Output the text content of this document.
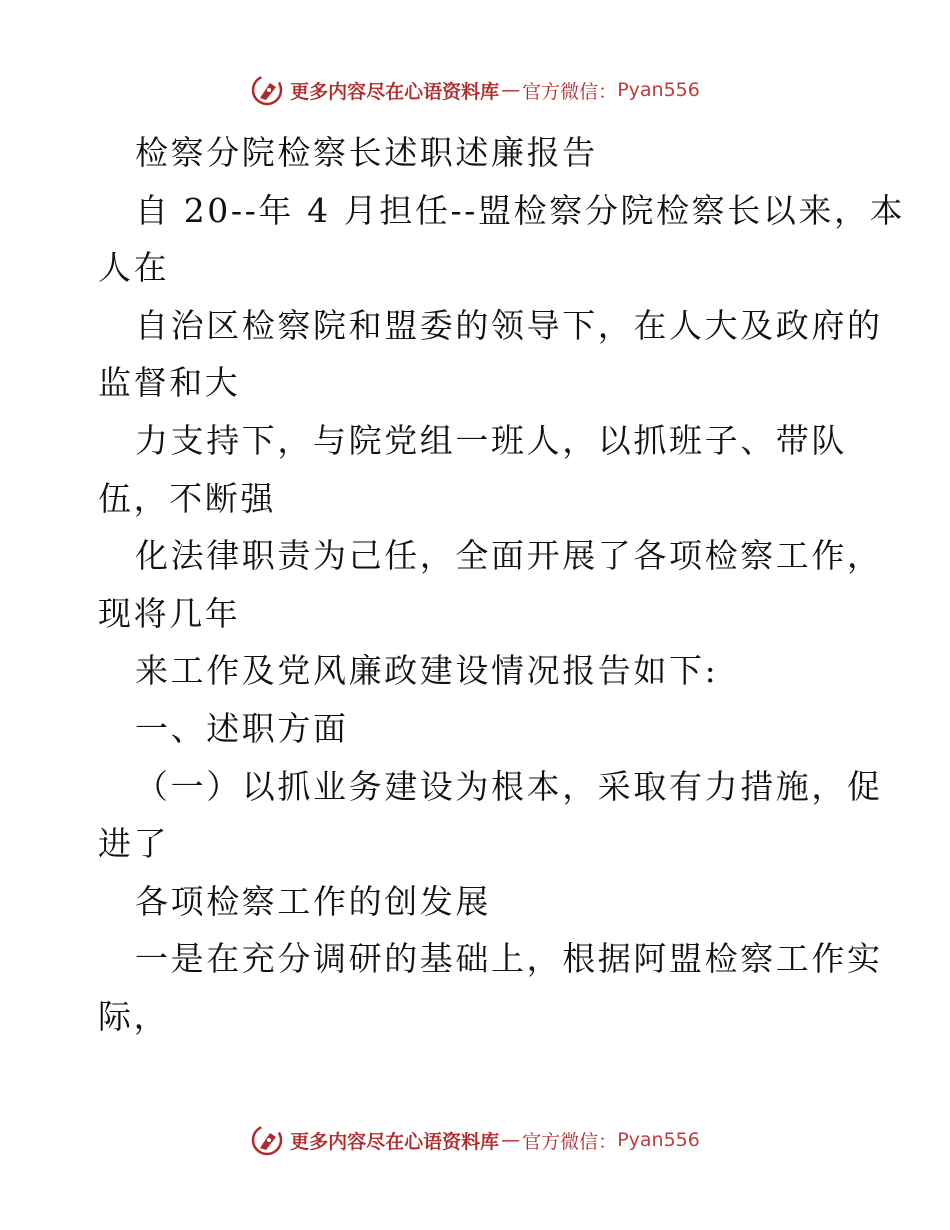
更多内容尽在心语资料库 — 官方微信： Pyan556
检察分院检察长述职述廉报告
自 20--年 4 月担任--盟检察分院检察长以来，本
人在
自治区检察院和盟委的领导下，在人大及政府的
监督和大
力支持下，与院党组一班人，以抓班子、带队
伍，不断强
化法律职责为己任，全面开展了各项检察工作，
现将几年
来工作及党风廉政建设情况报告如下:
一、述职方面
（一）以抓业务建设为根本，采取有力措施，促
进了
各项检察工作的创发展
一是在充分调研的基础上，根据阿盟检察工作实
际，
更多内容尽在心语资料库 — 官方微信： Pyan556
